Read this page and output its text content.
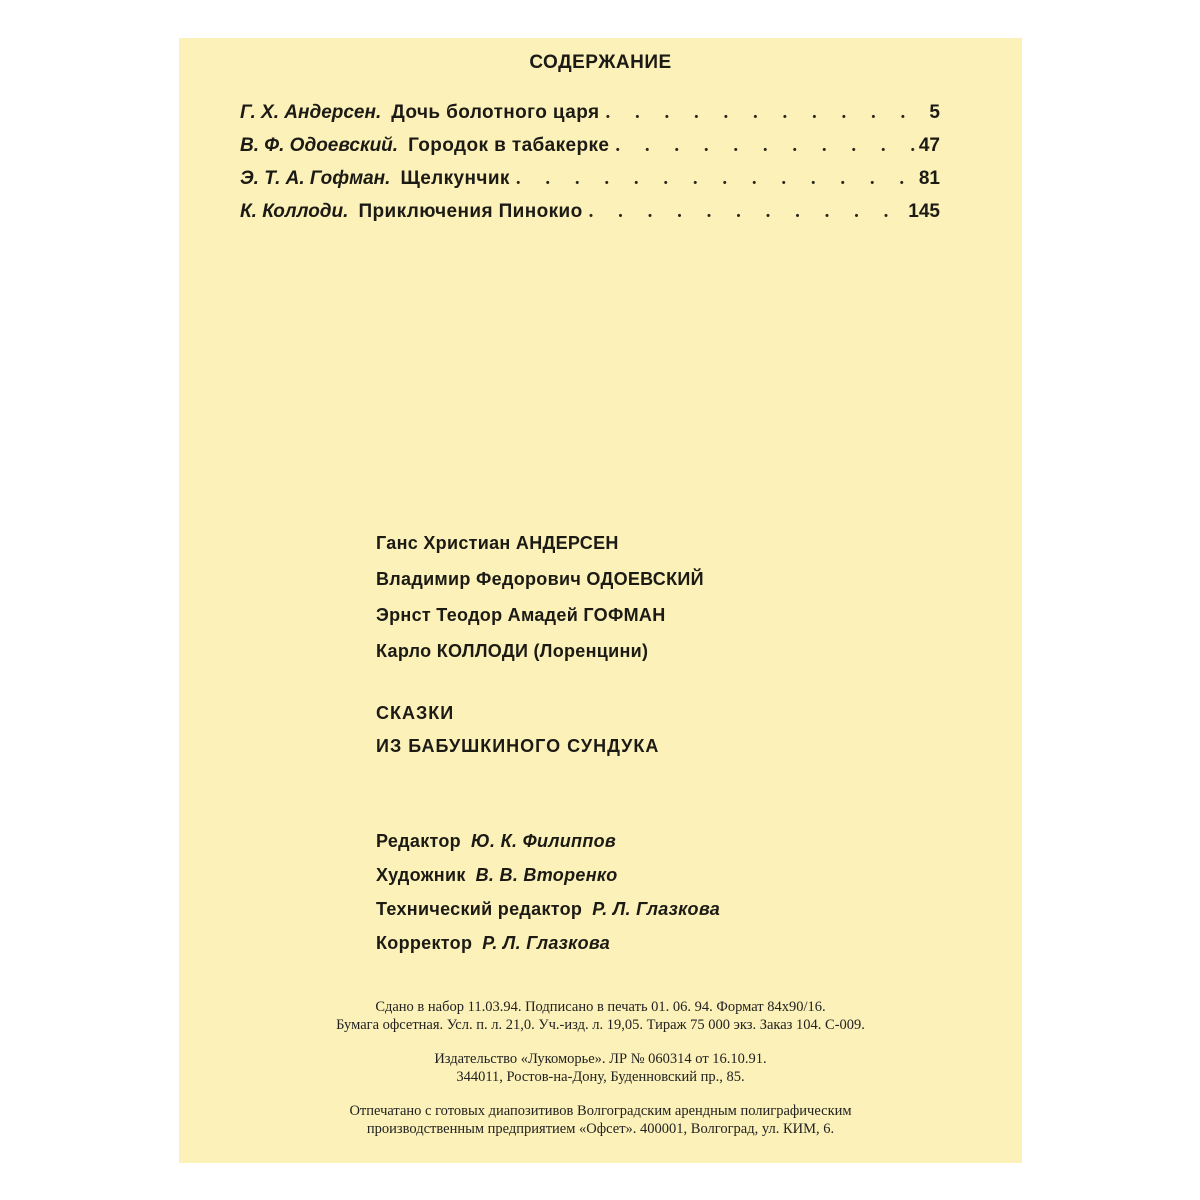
СОДЕРЖАНИЕ
Г. Х. Андерсен. Дочь болотного царя . . .	5
В. Ф. Одоевский. Городок в табакерке . . .	47
Э. Т. А. Гофман. Щелкунчик . . .	81
К. Коллоди. Приключения Пинокио . . .	145
Ганс Христиан АНДЕРСЕН
Владимир Федорович ОДОЕВСКИЙ
Эрнст Теодор Амадей ГОФМАН
Карло КОЛЛОДИ (Лоренцини)
СКАЗКИ
ИЗ БАБУШКИНОГО СУНДУКА
Редактор Ю. К. Филиппов
Художник В. В. Вторенко
Технический редактор Р. Л. Глазкова
Корректор Р. Л. Глазкова
Сдано в набор 11.03.94. Подписано в печать 01. 06. 94. Формат 84х90/16.
Бумага офсетная. Усл. п. л. 21,0. Уч.-изд. л. 19,05. Тираж 75 000 экз. Заказ 104. С-009.
Издательство «Лукоморье». ЛР № 060314 от 16.10.91.
344011, Ростов-на-Дону, Буденновский пр., 85.
Отпечатано с готовых диапозитивов Волгоградским арендным полиграфическим
производственным предприятием «Офсет». 400001, Волгоград, ул. КИМ, 6.
